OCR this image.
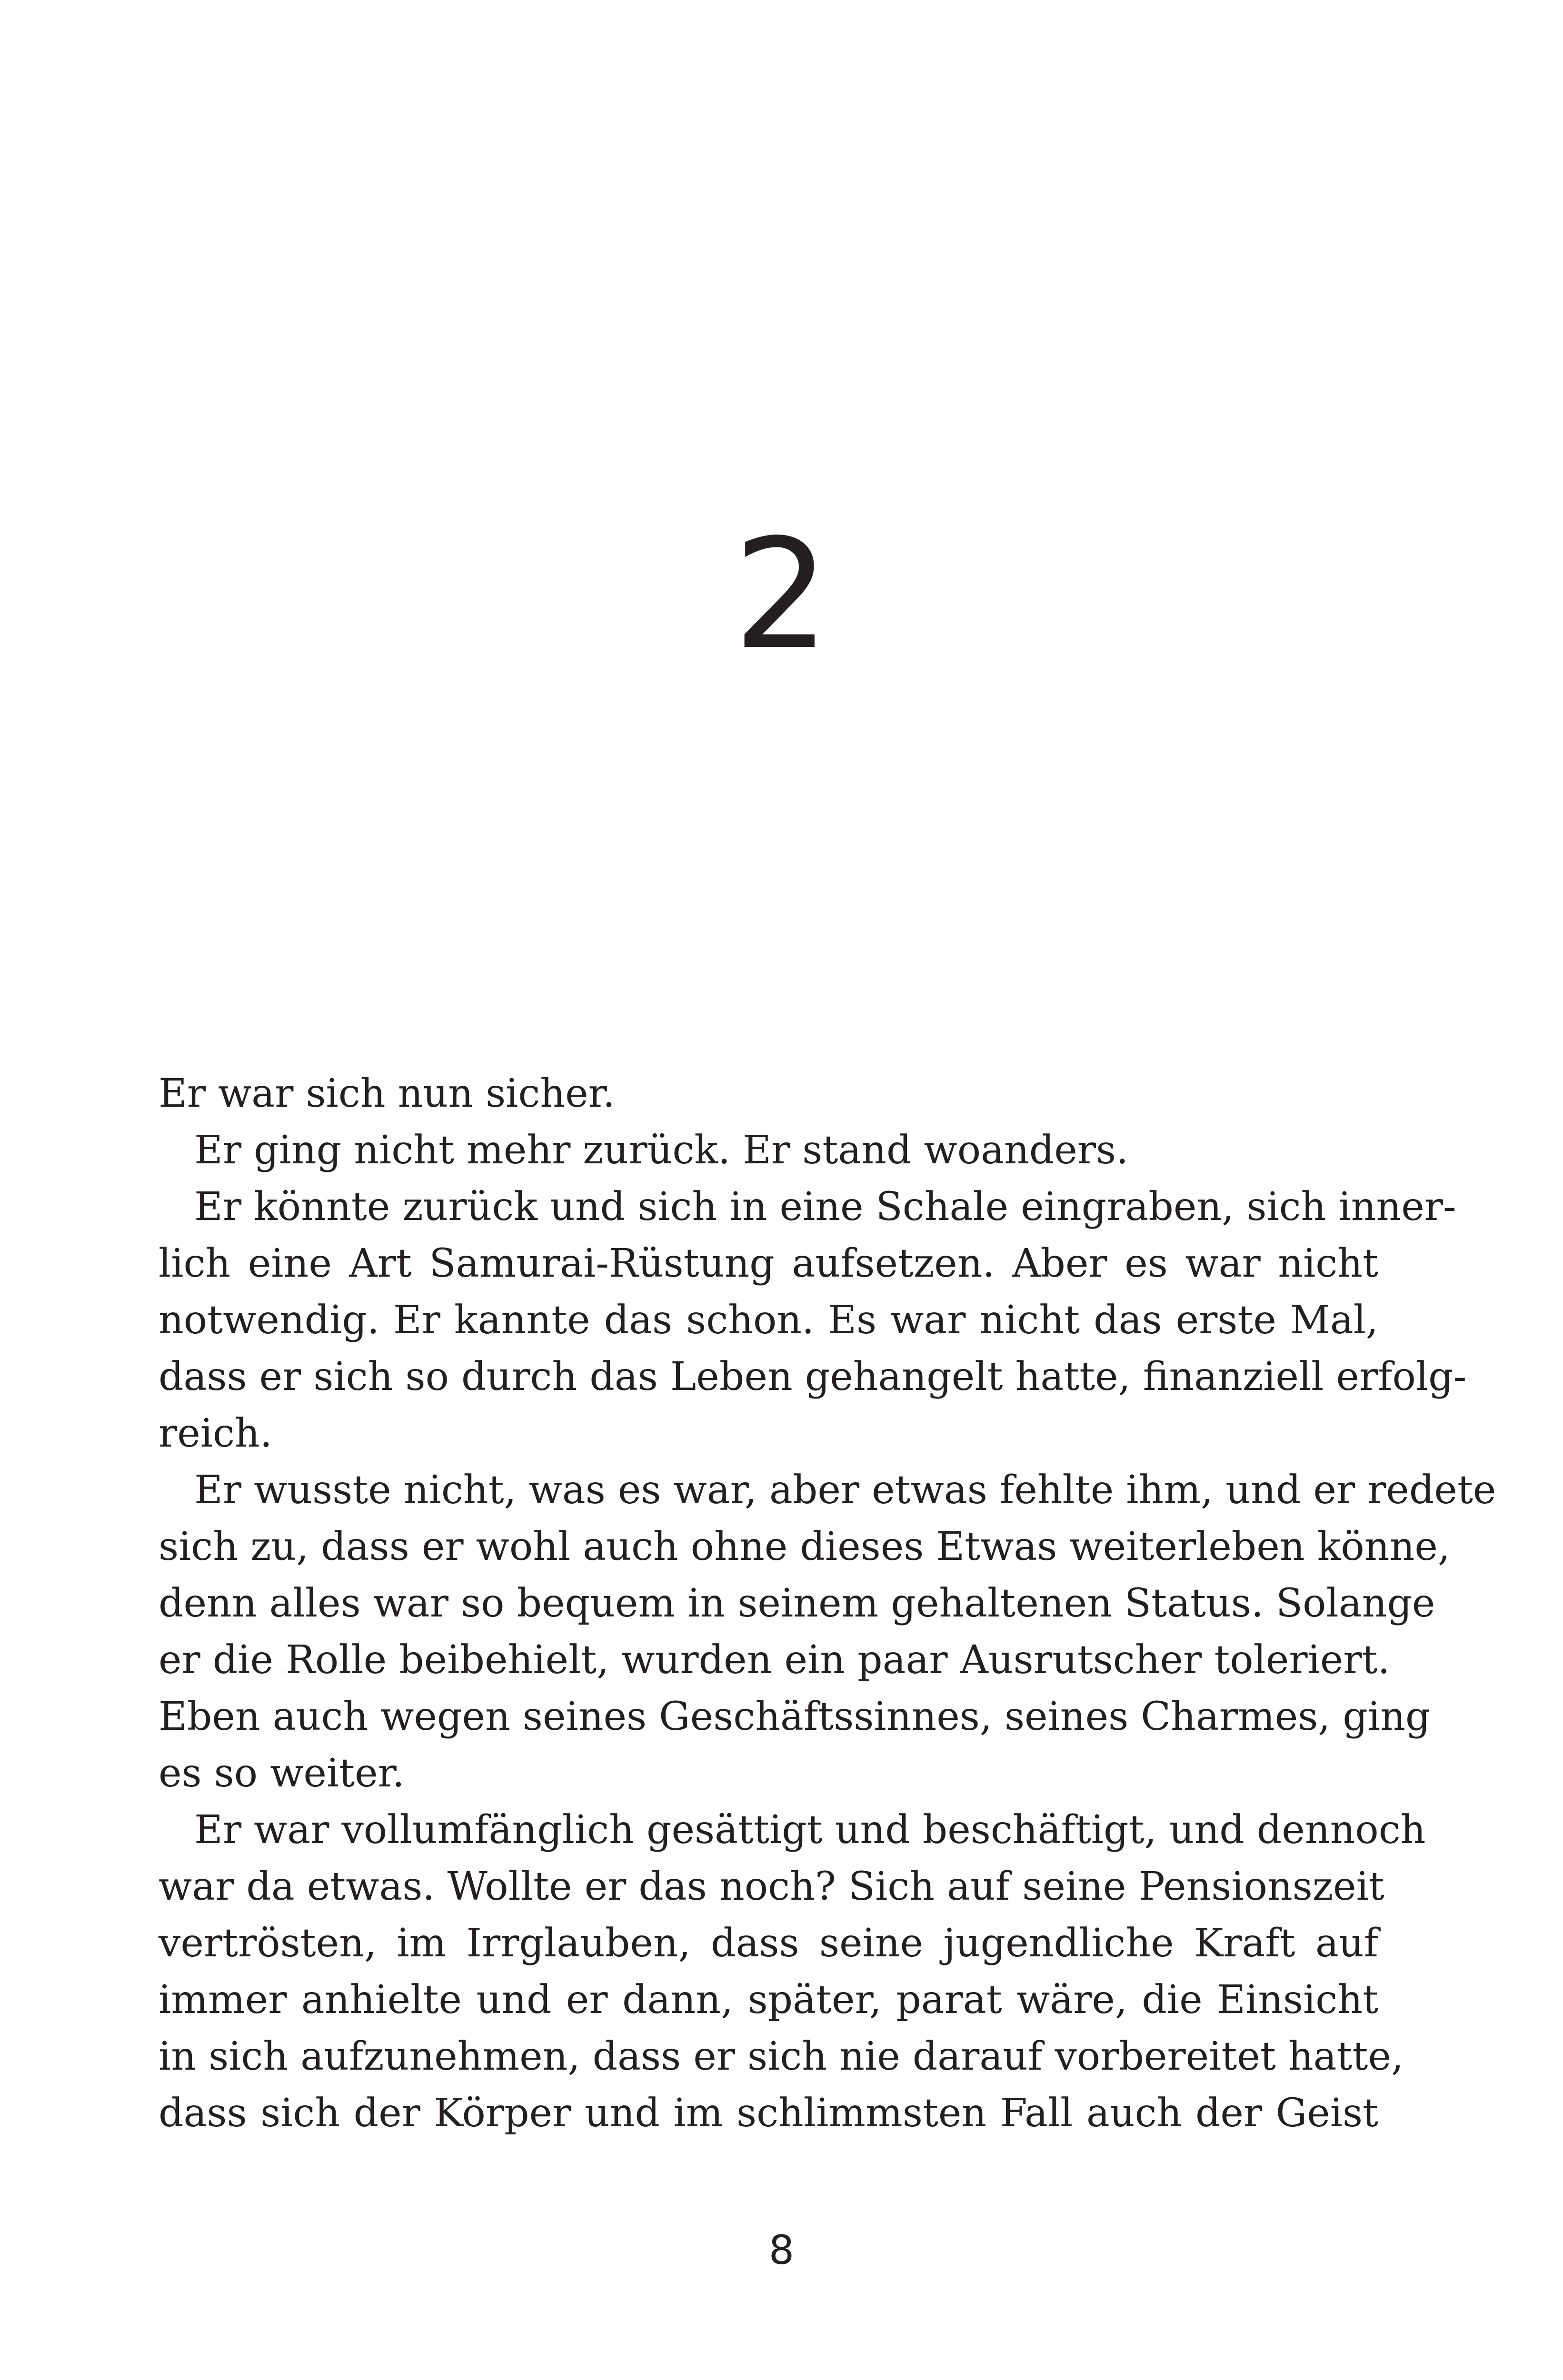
2
Er war sich nun sicher.
Er ging nicht mehr zurück. Er stand woanders.
Er könnte zurück und sich in eine Schale eingraben, sich inner-
lich eine Art Samurai-Rüstung aufsetzen. Aber es war nicht
notwendig. Er kannte das schon. Es war nicht das erste Mal,
dass er sich so durch das Leben gehangelt hatte, finanziell erfolg-
reich.
Er wusste nicht, was es war, aber etwas fehlte ihm, und er redete
sich zu, dass er wohl auch ohne dieses Etwas weiterleben könne,
denn alles war so bequem in seinem gehaltenen Status. Solange
er die Rolle beibehielt, wurden ein paar Ausrutscher toleriert.
Eben auch wegen seines Geschäftssinnes, seines Charmes, ging
es so weiter.
Er war vollumfänglich gesättigt und beschäftigt, und dennoch
war da etwas. Wollte er das noch? Sich auf seine Pensionszeit
vertrösten, im Irrglauben, dass seine jugendliche Kraft auf
immer anhielte und er dann, später, parat wäre, die Einsicht
in sich aufzunehmen, dass er sich nie darauf vorbereitet hatte,
dass sich der Körper und im schlimmsten Fall auch der Geist
8
